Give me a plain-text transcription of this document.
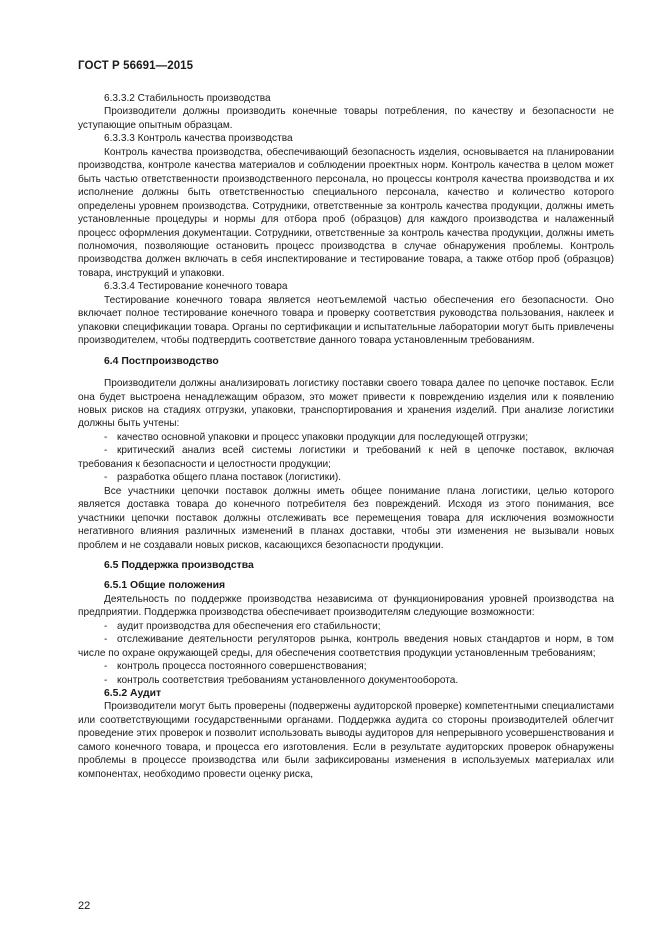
ГОСТ Р 56691—2015

6.3.3.2 Стабильность производства

Производители должны производить конечные товары потребления, по качеству и безопасности не уступающие опытным образцам.

6.3.3.3 Контроль качества производства

Контроль качества производства, обеспечивающий безопасность изделия, основывается на планировании производства, контроле качества материалов и соблюдении проектных норм. Контроль качества в целом может быть частью ответственности производственного персонала, но процессы контроля качества производства и их исполнение должны быть ответственностью специального персонала, качество и количество которого определены уровнем производства. Сотрудники, ответственные за контроль качества продукции, должны иметь установленные процедуры и нормы для отбора проб (образцов) для каждого производства и налаженный процесс оформления документации. Сотрудники, ответственные за контроль качества продукции, должны иметь полномочия, позволяющие остановить процесс производства в случае обнаружения проблемы. Контроль производства должен включать в себя инспектирование и тестирование товара, а также отбор проб (образцов) товара, инструкций и упаковки.

6.3.3.4 Тестирование конечного товара

Тестирование конечного товара является неотъемлемой частью обеспечения его безопасности. Оно включает полное тестирование конечного товара и проверку соответствия руководства пользования, наклеек и упаковки спецификации товара. Органы по сертификации и испытательные лаборатории могут быть привлечены производителем, чтобы подтвердить соответствие данного товара установленным требованиям.

6.4 Постпроизводство

Производители должны анализировать логистику поставки своего товара далее по цепочке поставок. Если она будет выстроена ненадлежащим образом, это может привести к повреждению изделия или к появлению новых рисков на стадиях отгрузки, упаковки, транспортирования и хранения изделий. При анализе логистики должны быть учтены:

- качество основной упаковки и процесс упаковки продукции для последующей отгрузки;

- критический анализ всей системы логистики и требований к ней в цепочке поставок, включая требования к безопасности и целостности продукции;

- разработка общего плана поставок (логистики).

Все участники цепочки поставок должны иметь общее понимание плана логистики, целью которого является доставка товара до конечного потребителя без повреждений. Исходя из этого понимания, все участники цепочки поставок должны отслеживать все перемещения товара для исключения возможности негативного влияния различных изменений в планах доставки, чтобы эти изменения не вызывали новых проблем и не создавали новых рисков, касающихся безопасности продукции.

6.5 Поддержка производства

6.5.1 Общие положения

Деятельность по поддержке производства независима от функционирования уровней производства на предприятии. Поддержка производства обеспечивает производителям следующие возможности:

- аудит производства для обеспечения его стабильности;

- отслеживание деятельности регуляторов рынка, контроль введения новых стандартов и норм, в том числе по охране окружающей среды, для обеспечения соответствия продукции установленным требованиям;

- контроль процесса постоянного совершенствования;

- контроль соответствия требованиям установленного документооборота.

6.5.2 Аудит

Производители могут быть проверены (подвержены аудиторской проверке) компетентными специалистами или соответствующими государственными органами. Поддержка аудита со стороны производителей облегчит проведение этих проверок и позволит использовать выводы аудиторов для непрерывного усовершенствования и самого конечного товара, и процесса его изготовления. Если в результате аудиторских проверок обнаружены проблемы в процессе производства или были зафиксированы изменения в используемых материалах или компонентах, необходимо провести оценку риска,

22
